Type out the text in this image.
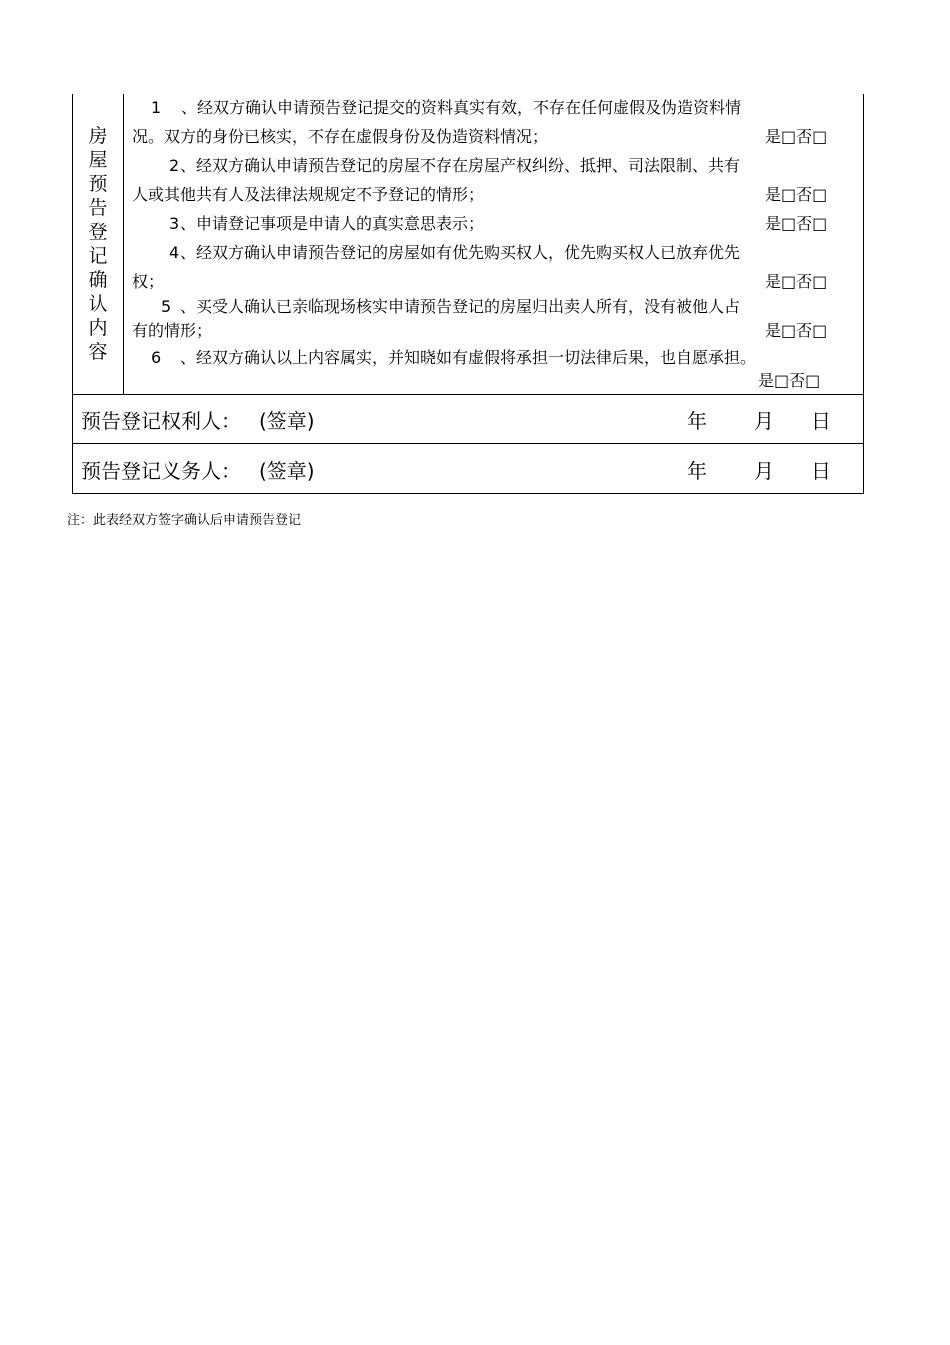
房
屋
预
告
登
记
确
认
内
容
1 、经双方确认申请预告登记提交的资料真实有效，不存在任何虚假及伪造资料情
况。双方的身份已核实，不存在虚假身份及伪造资料情况；	是□否□
2 、经双方确认申请预告登记的房屋不存在房屋产权纠纷、抵押、司法限制、共有
人或其他共有人及法律法规规定不予登记的情形；	是□否□
3 、申请登记事项是申请人的真实意思表示；	是□否□
4 、经双方确认申请预告登记的房屋如有优先购买权人，优先购买权人已放弃优先
权；	是□否□
5 、买受人确认已亲临现场核实申请预告登记的房屋归出卖人所有，没有被他人占
有的情形；	是□否□
6 、经双方确认以上内容属实，并知晓如有虚假将承担一切法律后果，也自愿承担。
是□否□
预告登记权利人： (签章)	年 月 日
预告登记义务人： (签章)	年 月 日
注：此表经双方签字确认后申请预告登记
